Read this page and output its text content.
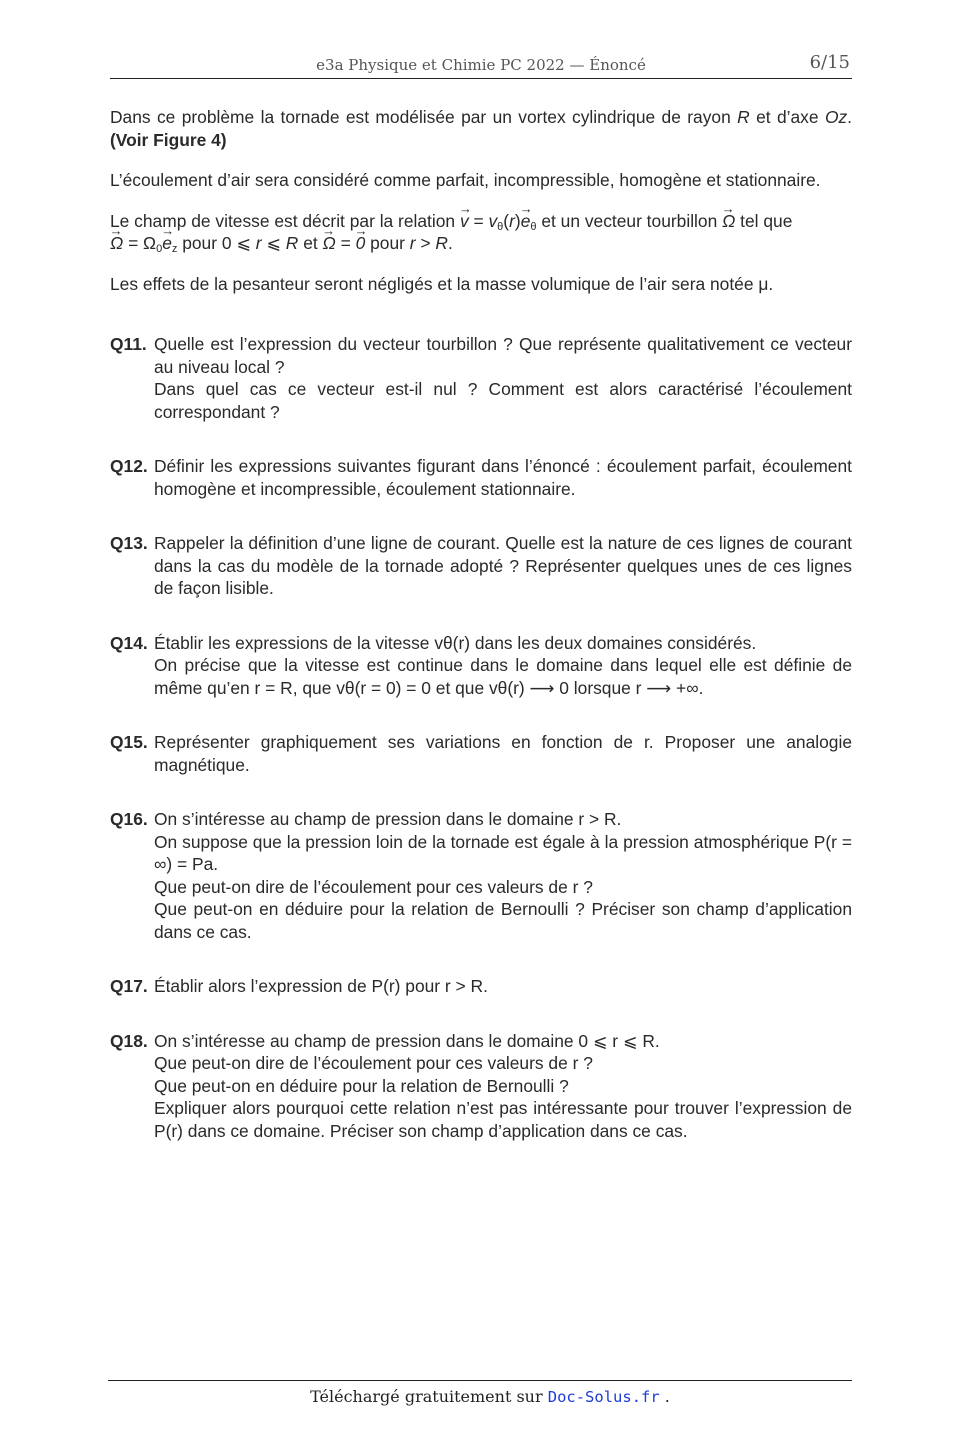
e3a Physique et Chimie PC 2022 — Énoncé	6/15

Dans ce problème la tornade est modélisée par un vortex cylindrique de rayon R et d’axe Oz.(Voir Figure 4)

L’écoulement d’air sera considéré comme parfait, incompressible, homogène et stationnaire.

Le champ de vitesse est décrit par la relation → $v = v_\theta(r)\to e_\theta$ et un vecteur tourbillon → Ω tel que
→ $\Omega = \Omega_0\to e_z$ pour 0 ⩽ r ⩽ R et → Ω = → 0 pour r > R.

Les effets de la pesanteur seront négligés et la masse volumique de l’air sera notée μ.

Q11. Quelle est l’expression du vecteur tourbillon ? Que représente qualitativement ce vecteur au niveau local ?
Dans quel cas ce vecteur est-il nul ? Comment est alors caractérisé l’écoulement correspondant ?
Q12. Définir les expressions suivantes figurant dans l’énoncé : écoulement parfait, écoulement homogène et incompressible, écoulement stationnaire.
Q13. Rappeler la définition d’une ligne de courant. Quelle est la nature de ces lignes de courant dans la cas du modèle de la tornade adopté ? Représenter quelques unes de ces lignes de façon lisible.
Q14. Établir les expressions de la vitesse vθ(r) dans les deux domaines considérés.
On précise que la vitesse est continue dans le domaine dans lequel elle est définie de même qu’en r = R, que vθ(r = 0) = 0 et que vθ(r) ⟶ 0 lorsque r ⟶ +∞.
Q15. Représenter graphiquement ses variations en fonction de r. Proposer une analogie magnétique.
Q16. On s’intéresse au champ de pression dans le domaine r > R.
On suppose que la pression loin de la tornade est égale à la pression atmosphérique P(r = ∞) = Pa.
Que peut-on dire de l’écoulement pour ces valeurs de r ?
Que peut-on en déduire pour la relation de Bernoulli ? Préciser son champ d’application dans ce cas.
Q17. Établir alors l’expression de P(r) pour r > R.
Q18. On s’intéresse au champ de pression dans le domaine 0 ⩽ r ⩽ R.
Que peut-on dire de l’écoulement pour ces valeurs de r ?
Que peut-on en déduire pour la relation de Bernoulli ?
Expliquer alors pourquoi cette relation n’est pas intéressante pour trouver l’expression de P(r) dans ce domaine. Préciser son champ d’application dans ce cas.
Téléchargé gratuitement sur Doc-Solus.fr .
